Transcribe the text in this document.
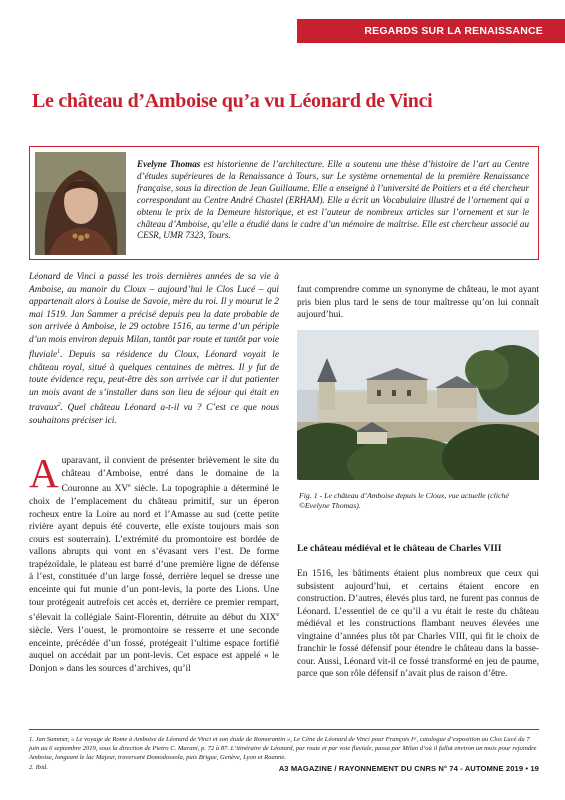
REGARDS SUR LA RENAISSANCE
Le château d’Amboise qu’a vu Léonard de Vinci

Evelyne Thomas est historienne de l’architecture. Elle a soutenu une thèse d’histoire de l’art au Centre d’études supérieures de la Renaissance à Tours, sur Le système ornemental de la première Renaissance française, sous la direction de Jean Guillaume. Elle a enseigné à l’université de Poitiers et a été chercheur correspondant au Centre André Chastel (ERHAM). Elle a écrit un Vocabulaire illustré de l’ornement qui a obtenu le prix de la Demeure historique, et est l’auteur de nombreux articles sur l’ornement et sur le château d’Amboise, qu’elle a étudié dans le cadre d’un mémoire de maîtrise. Elle est chercheur associé au CESR, UMR 7323, Tours.

Léonard de Vinci a passé les trois dernières années de sa vie à Amboise, au manoir du Cloux – aujourd’hui le Clos Lucé – qui appartenait alors à Louise de Savoie, mère du roi. Il y mourut le 2 mai 1519. Jan Sammer a précisé depuis peu la date probable de son arrivée à Amboise, le 29 octobre 1516, au terme d’un périple d’un mois environ depuis Milan, tantôt par route et tantôt par voie fluviale$^1$. Depuis sa résidence du Cloux, Léonard voyait le château royal, situé à quelques centaines de mètres. Il y fut de toute évidence reçu, peut-être dès son arrivée car il dut patienter un mois avant de s’installer dans son lieu de séjour qui était en travaux$^2$. Quel château Léonard a-t-il vu ? C’est ce que nous souhaitons préciser ici.

Auparavant, il convient de présenter brièvement le site du château d’Amboise, entré dans le domaine de la Couronne au XVe siècle. La topographie a déterminé le choix de l’emplacement du château primitif, sur un éperon rocheux entre la Loire au nord et l’Amasse au sud (cette petite rivière ayant depuis été couverte, elle existe toujours mais son cours est souterrain). L’extrémité du promontoire est bordée de vallons abrupts qui vont en s’évasant vers l’est. De forme trapézoïdale, le plateau est barré d’une première ligne de défense à l’est, constituée d’un large fossé, derrière lequel se dresse une enceinte qui fut munie d’un pont-levis, la porte des Lions. Une tour protégeait autrefois cet accès et, derrière ce premier rempart, s’élevait la collégiale Saint-Florentin, détruite au début du XIXe siècle. Vers l’ouest, le promontoire se resserre et une seconde enceinte, précédée d’un fossé, protégeait l’ultime espace fortifié auquel on accédait par un pont-levis. Cet espace est appelé « le Donjon » dans les sources d’archives, qu’il

faut comprendre comme un synonyme de château, le mot ayant pris bien plus tard le sens de tour maîtresse qu’on lui connaît aujourd’hui.

Fig. 1 - Le château d’Amboise depuis le Cloux, vue actuelle (cliché ©Evelyne Thomas).

Le château médiéval et le château de Charles VIII

En 1516, les bâtiments étaient plus nombreux que ceux qui subsistent aujourd’hui, et certains étaient encore en construction. D’autres, élevés plus tard, ne furent pas connus de Léonard. L’essentiel de ce qu’il a vu était le reste du château médiéval et les constructions flambant neuves élevées une vingtaine d’années plus tôt par Charles VIII, qui fit le choix de franchir le fossé défensif pour étendre le château dans la basse-cour. Aussi, Léonard vit-il ce fossé transformé en jeu de paume, parce que son rôle défensif n’avait plus de raison d’être.

1. Jan Sammer, « Le voyage de Rome à Amboise de Léonard de Vinci et son étude de Romorantin », Le Cène de Léonard de Vinci pour François Iᵉʳ, catalogue d’exposition au Clos Lucé du 7 juin au 6 septembre 2019, sous la direction de Pietro C. Marani, p. 72 à 87. L’itinéraire de Léonard, par route et par voie fluviale, passa par Milan d’où il fallut environ un mois pour rejoindre Amboise, longeant le lac Majeur, traversant Domodossola, puis Brigue, Genève, Lyon et Roanne.

2. Ibid.	A3 MAGAZINE / RAYONNEMENT DU CNRS N° 74 - AUTOMNE 2019 • 19
